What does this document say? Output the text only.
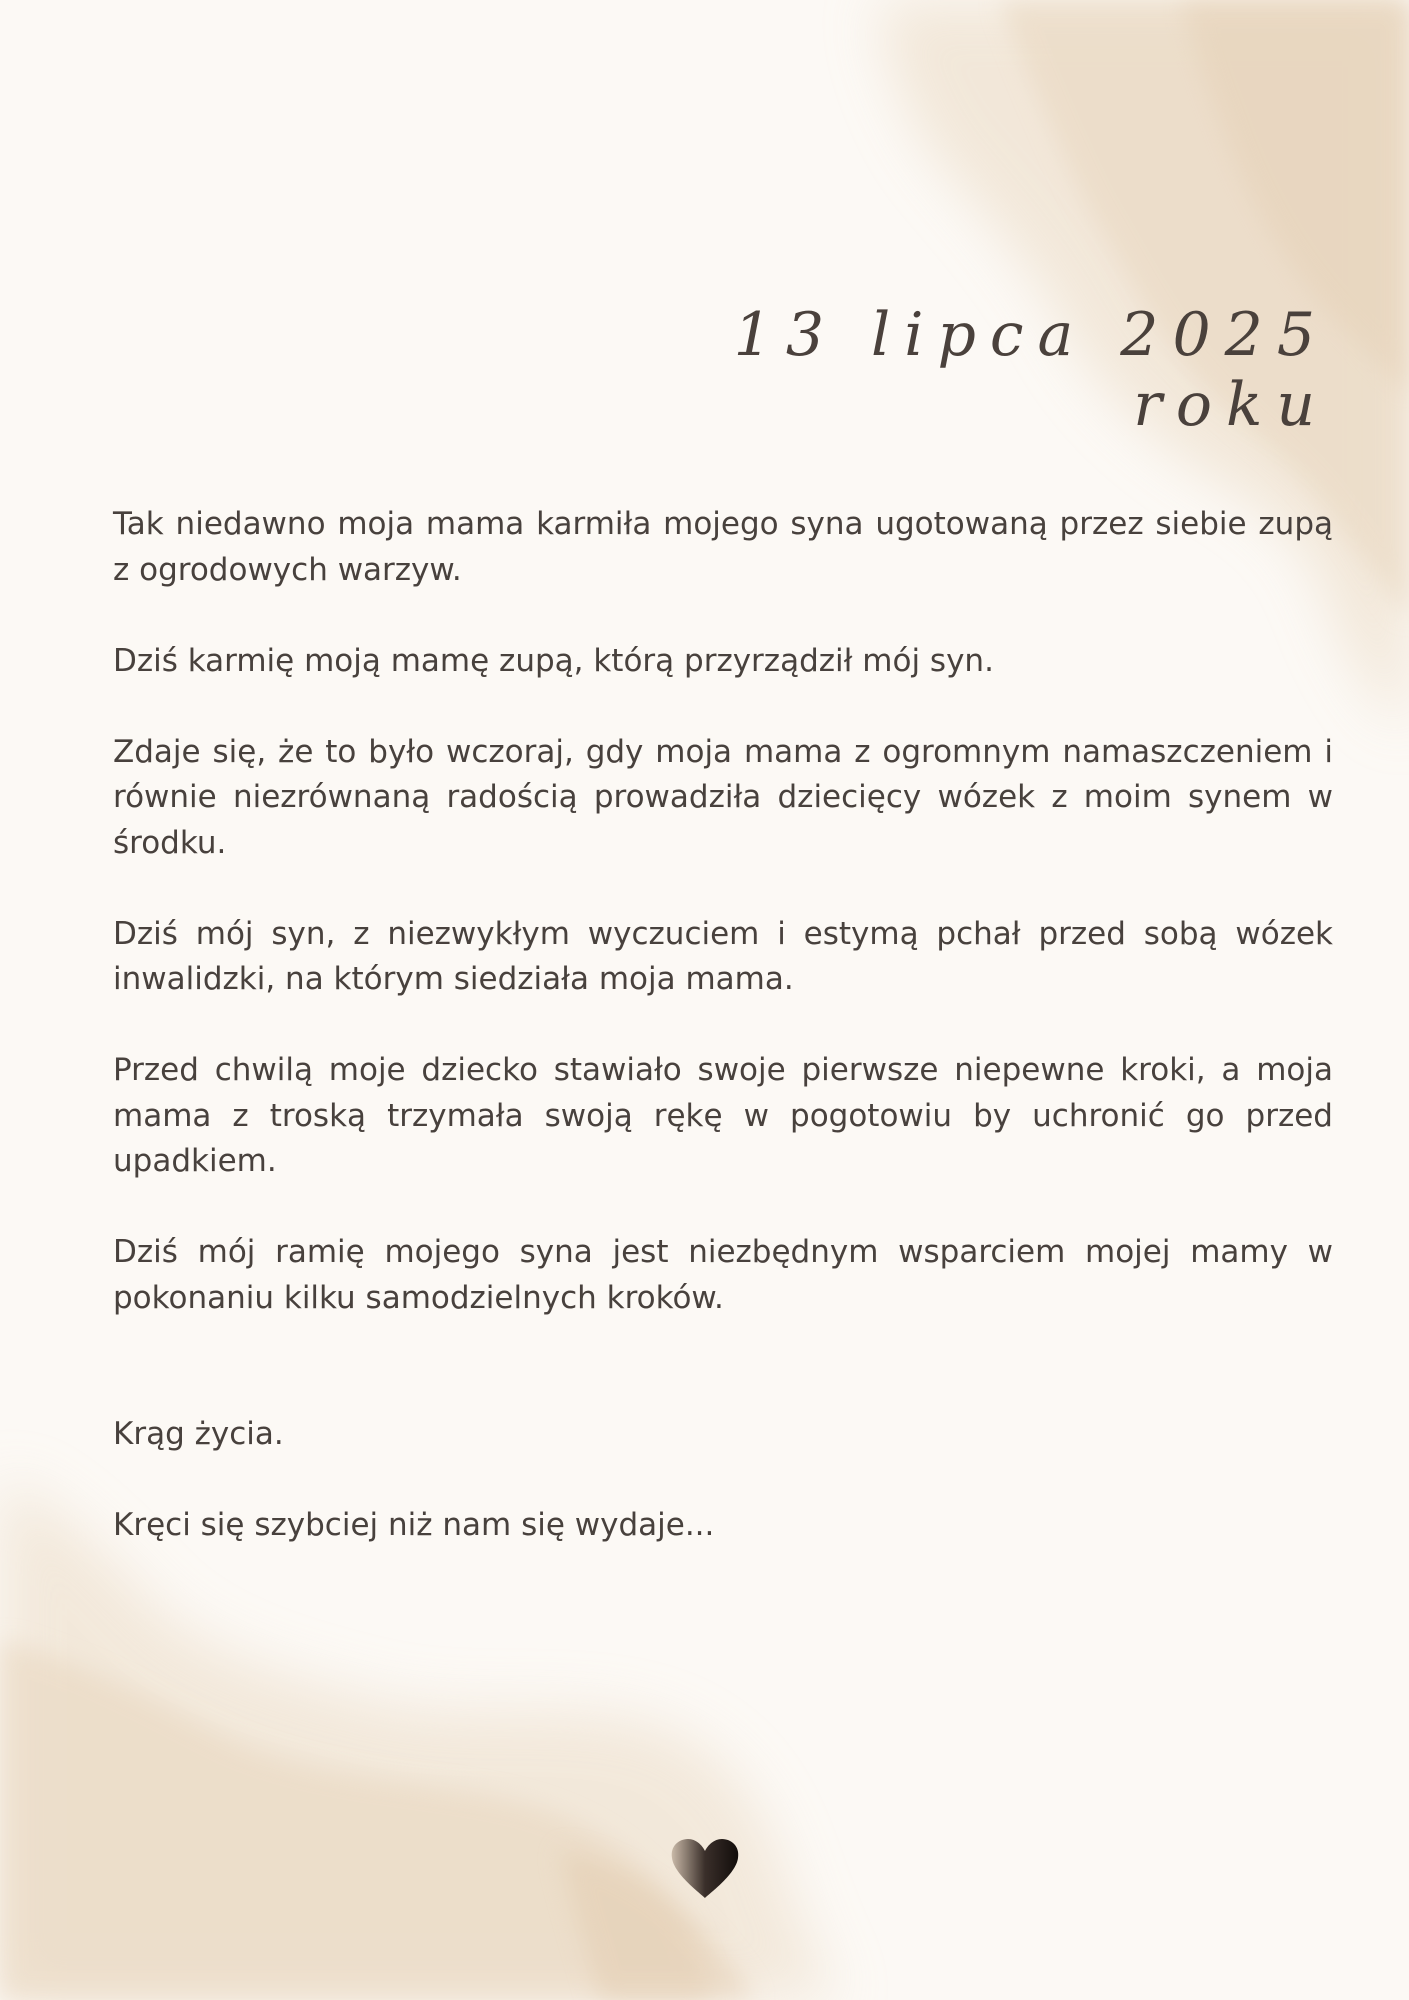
13 lipca 2025 roku

Tak niedawno moja mama karmiła mojego syna ugotowaną przez siebie zupą z ogrodowych warzyw.

Dziś karmię moją mamę zupą, którą przyrządził mój syn.

Zdaje się, że to było wczoraj, gdy moja mama z ogromnym namaszczeniem i równie niezrównaną radością prowadziła dziecięcy wózek z moim synem w środku.

Dziś mój syn, z niezwykłym wyczuciem i estymą pchał przed sobą wózek inwalidzki, na którym siedziała moja mama.

Przed chwilą moje dziecko stawiało swoje pierwsze niepewne kroki, a moja mama z troską trzymała swoją rękę w pogotowiu by uchronić go przed upadkiem.

Dziś mój ramię mojego syna jest niezbędnym wsparciem mojej mamy w pokonaniu kilku samodzielnych kroków.

Krąg życia.

Kręci się szybciej niż nam się wydaje...
